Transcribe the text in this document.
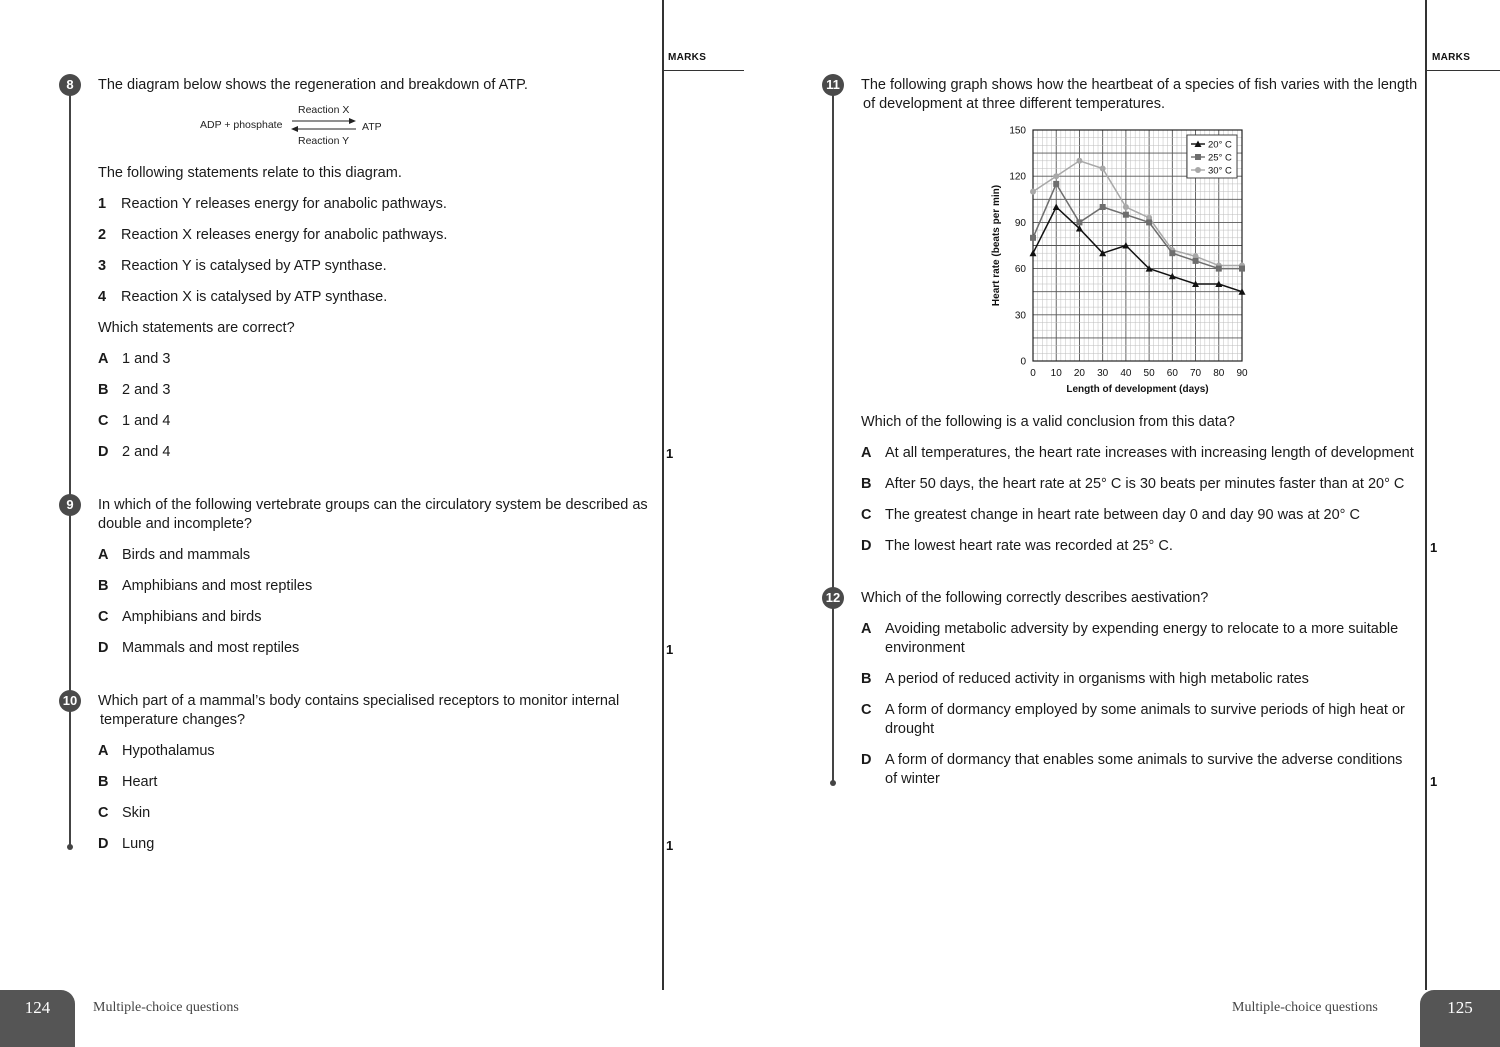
MARKS
8	The diagram below shows the regeneration and breakdown of ATP.
ADP + phosphate
Reaction X
Reaction Y
ATP
The following statements relate to this diagram.
1 Reaction Y releases energy for anabolic pathways.
2 Reaction X releases energy for anabolic pathways.
3 Reaction Y is catalysed by ATP synthase.
4 Reaction X is catalysed by ATP synthase.
Which statements are correct?
A 1 and 3
B 2 and 3
C 1 and 4
D 2 and 4	1
9	In which of the following vertebrate groups can the circulatory system be described as
double and incomplete?
A Birds and mammals
B Amphibians and most reptiles
C Amphibians and birds
D Mammals and most reptiles	1
10 Which part of a mammal’s body contains specialised receptors to monitor internal
temperature changes?
A Hypothalamus
B Heart
C Skin
D Lung	1
MARKS
11 The following graph shows how the heartbeat of a species of fish varies with the length
of development at three different temperatures.
Heart rate (beats per min)
Length of development (days)
0 10 20 30 40 50 60 70 80 90
0
30
60
90
120
150
20° C
25° C
30° C
Which of the following is a valid conclusion from this data?
A At all temperatures, the heart rate increases with increasing length of development
B After 50 days, the heart rate at 25° C is 30 beats per minutes faster than at 20° C
C The greatest change in heart rate between day 0 and day 90 was at 20° C
D The lowest heart rate was recorded at 25° C.	1
12 Which of the following correctly describes aestivation?
A Avoiding metabolic adversity by expending energy to relocate to a more suitable
environment
B A period of reduced activity in organisms with high metabolic rates
C A form of dormancy employed by some animals to survive periods of high heat or
drought
D A form of dormancy that enables some animals to survive the adverse conditions
of winter	1
124	Multiple-choice questions	Multiple-choice questions	125
